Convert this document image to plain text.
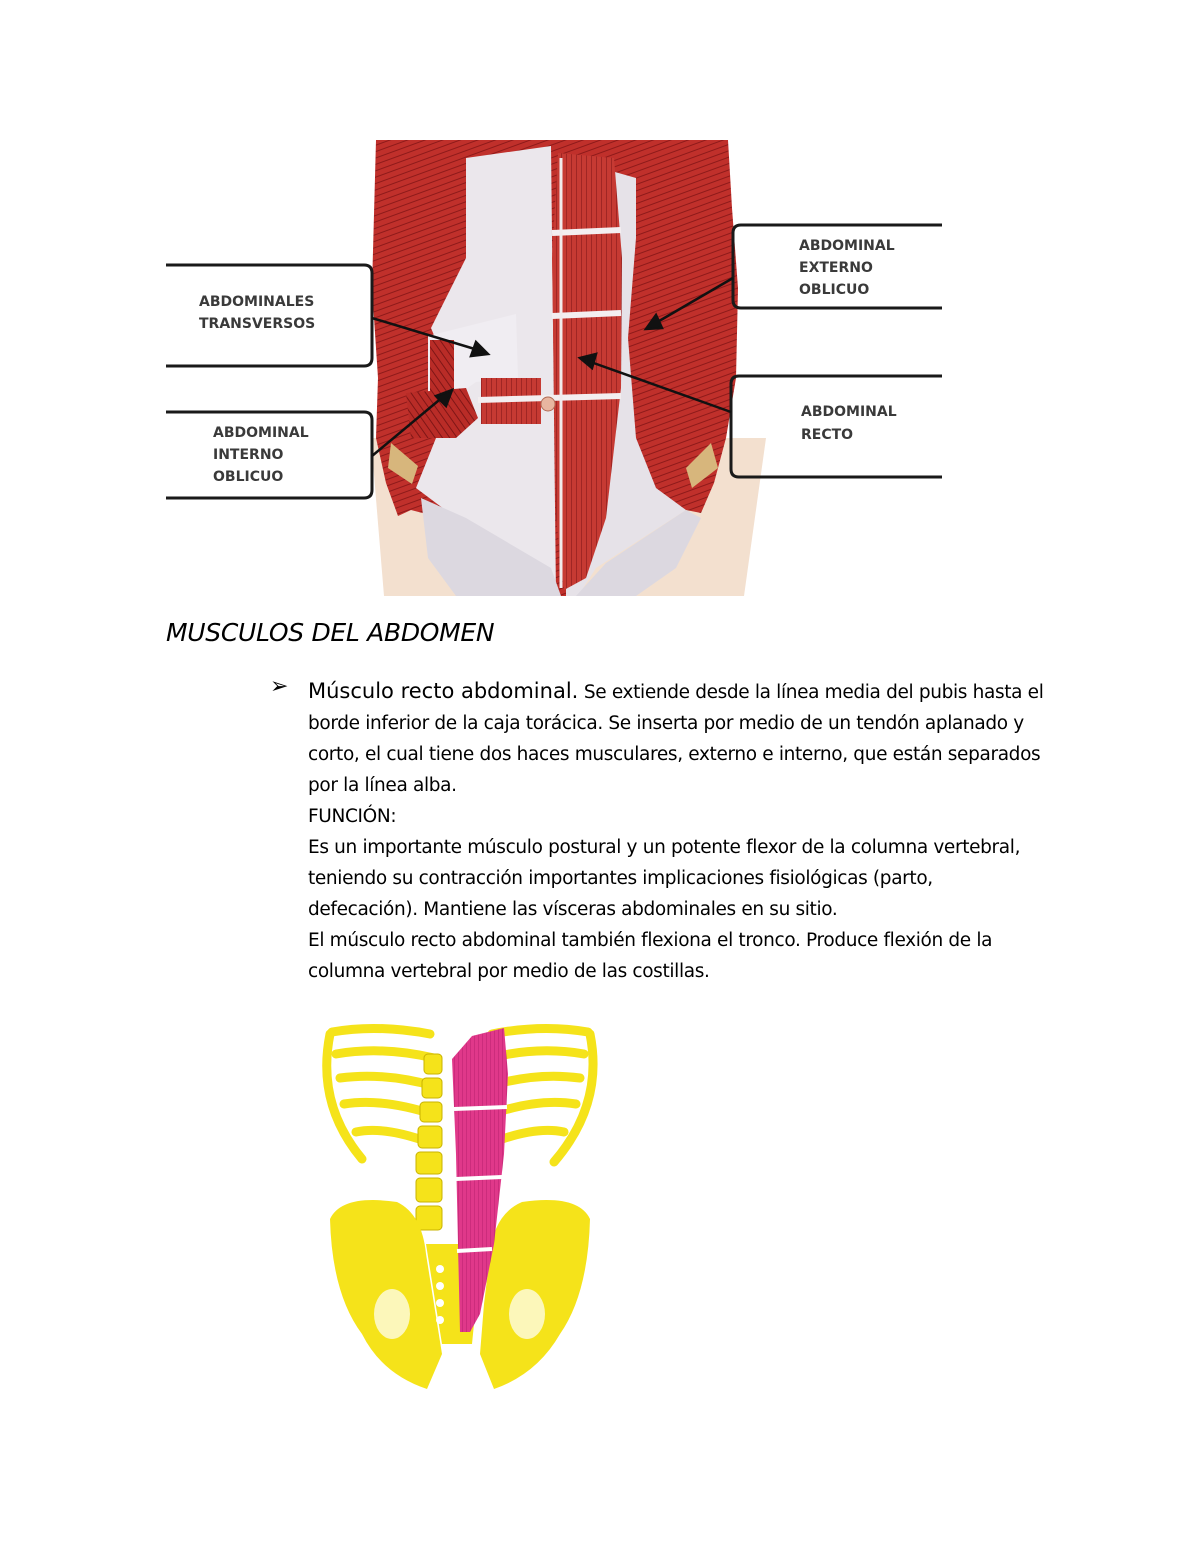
ABDOMINALES TRANSVERSOS
ABDOMINAL INTERNO OBLICUO
ABDOMINAL EXTERNO OBLICUO
ABDOMINAL RECTO
MUSCULOS DEL ABDOMEN
➢ Músculo recto abdominal. Se extiende desde la línea media del pubis hasta el borde inferior de la caja torácica. Se inserta por medio de un tendón aplanado y corto, el cual tiene dos haces musculares, externo e interno, que están separados por la línea alba.

FUNCIÓN:

Es un importante músculo postural y un potente flexor de la columna vertebral, teniendo su contracción importantes implicaciones fisiológicas (parto, defecación). Mantiene las vísceras abdominales en su sitio.

El músculo recto abdominal también flexiona el tronco. Produce flexión de la columna vertebral por medio de las costillas.
